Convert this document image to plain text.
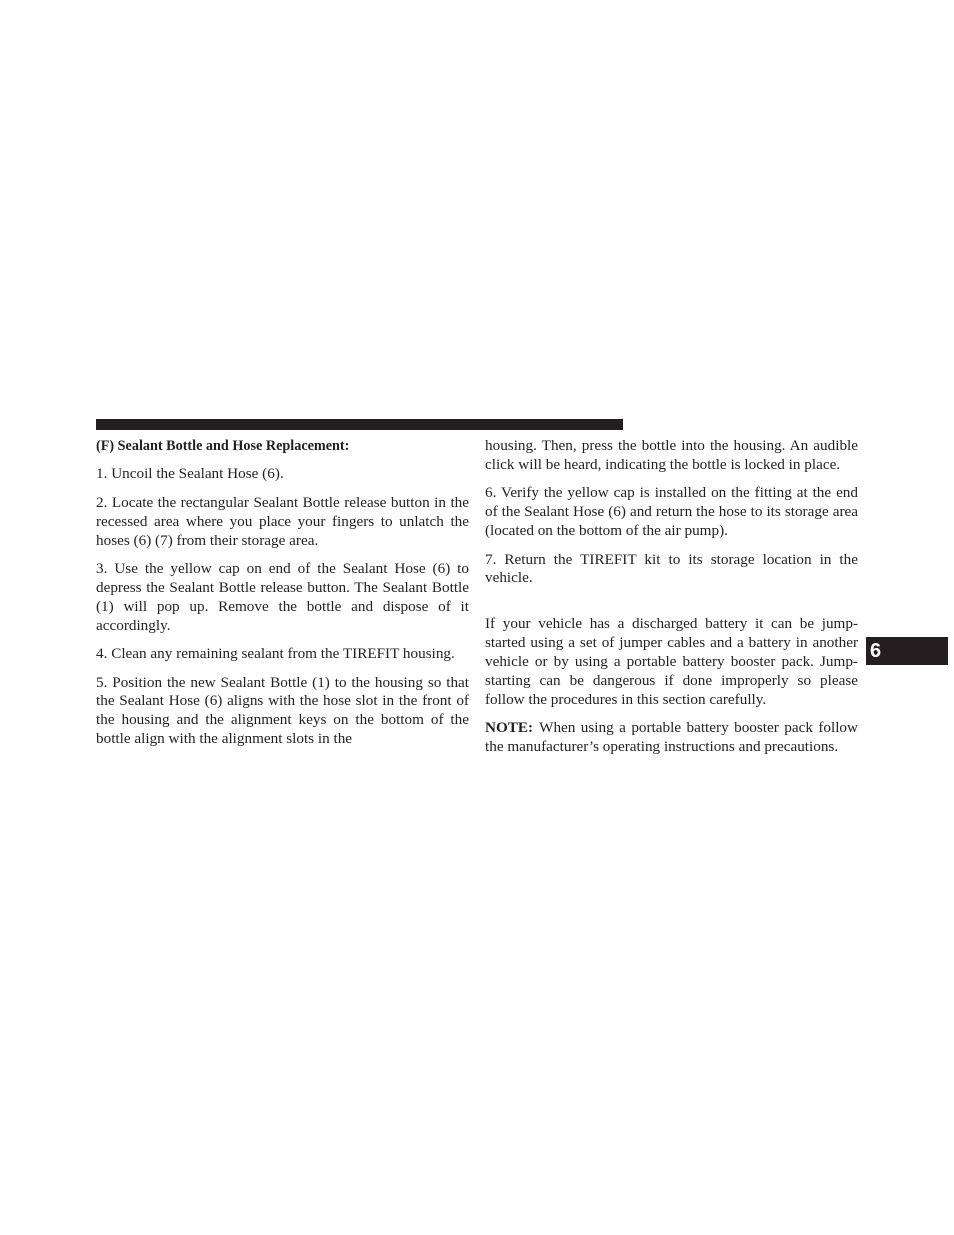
(F) Sealant Bottle and Hose Replacement:

1. Uncoil the Sealant Hose (6).

2. Locate the rectangular Sealant Bottle release button in the recessed area where you place your fingers to unlatch the hoses (6) (7) from their storage area.

3. Use the yellow cap on end of the Sealant Hose (6) to depress the Sealant Bottle release button. The Sealant Bottle (1) will pop up. Remove the bottle and dispose of it accordingly.

4. Clean any remaining sealant from the TIREFIT housing.

5. Position the new Sealant Bottle (1) to the housing so that the Sealant Hose (6) aligns with the hose slot in the front of the housing and the alignment keys on the bottom of the bottle align with the alignment slots in the

housing. Then, press the bottle into the housing. An audible click will be heard, indicating the bottle is locked in place.

6. Verify the yellow cap is installed on the fitting at the end of the Sealant Hose (6) and return the hose to its storage area (located on the bottom of the air pump).

7. Return the TIREFIT kit to its storage location in the vehicle.

If your vehicle has a discharged battery it can be jump-started using a set of jumper cables and a battery in another vehicle or by using a portable battery booster pack. Jump-starting can be dangerous if done improperly so please follow the procedures in this section carefully.

NOTE: When using a portable battery booster pack follow the manufacturer’s operating instructions and precautions.

6
